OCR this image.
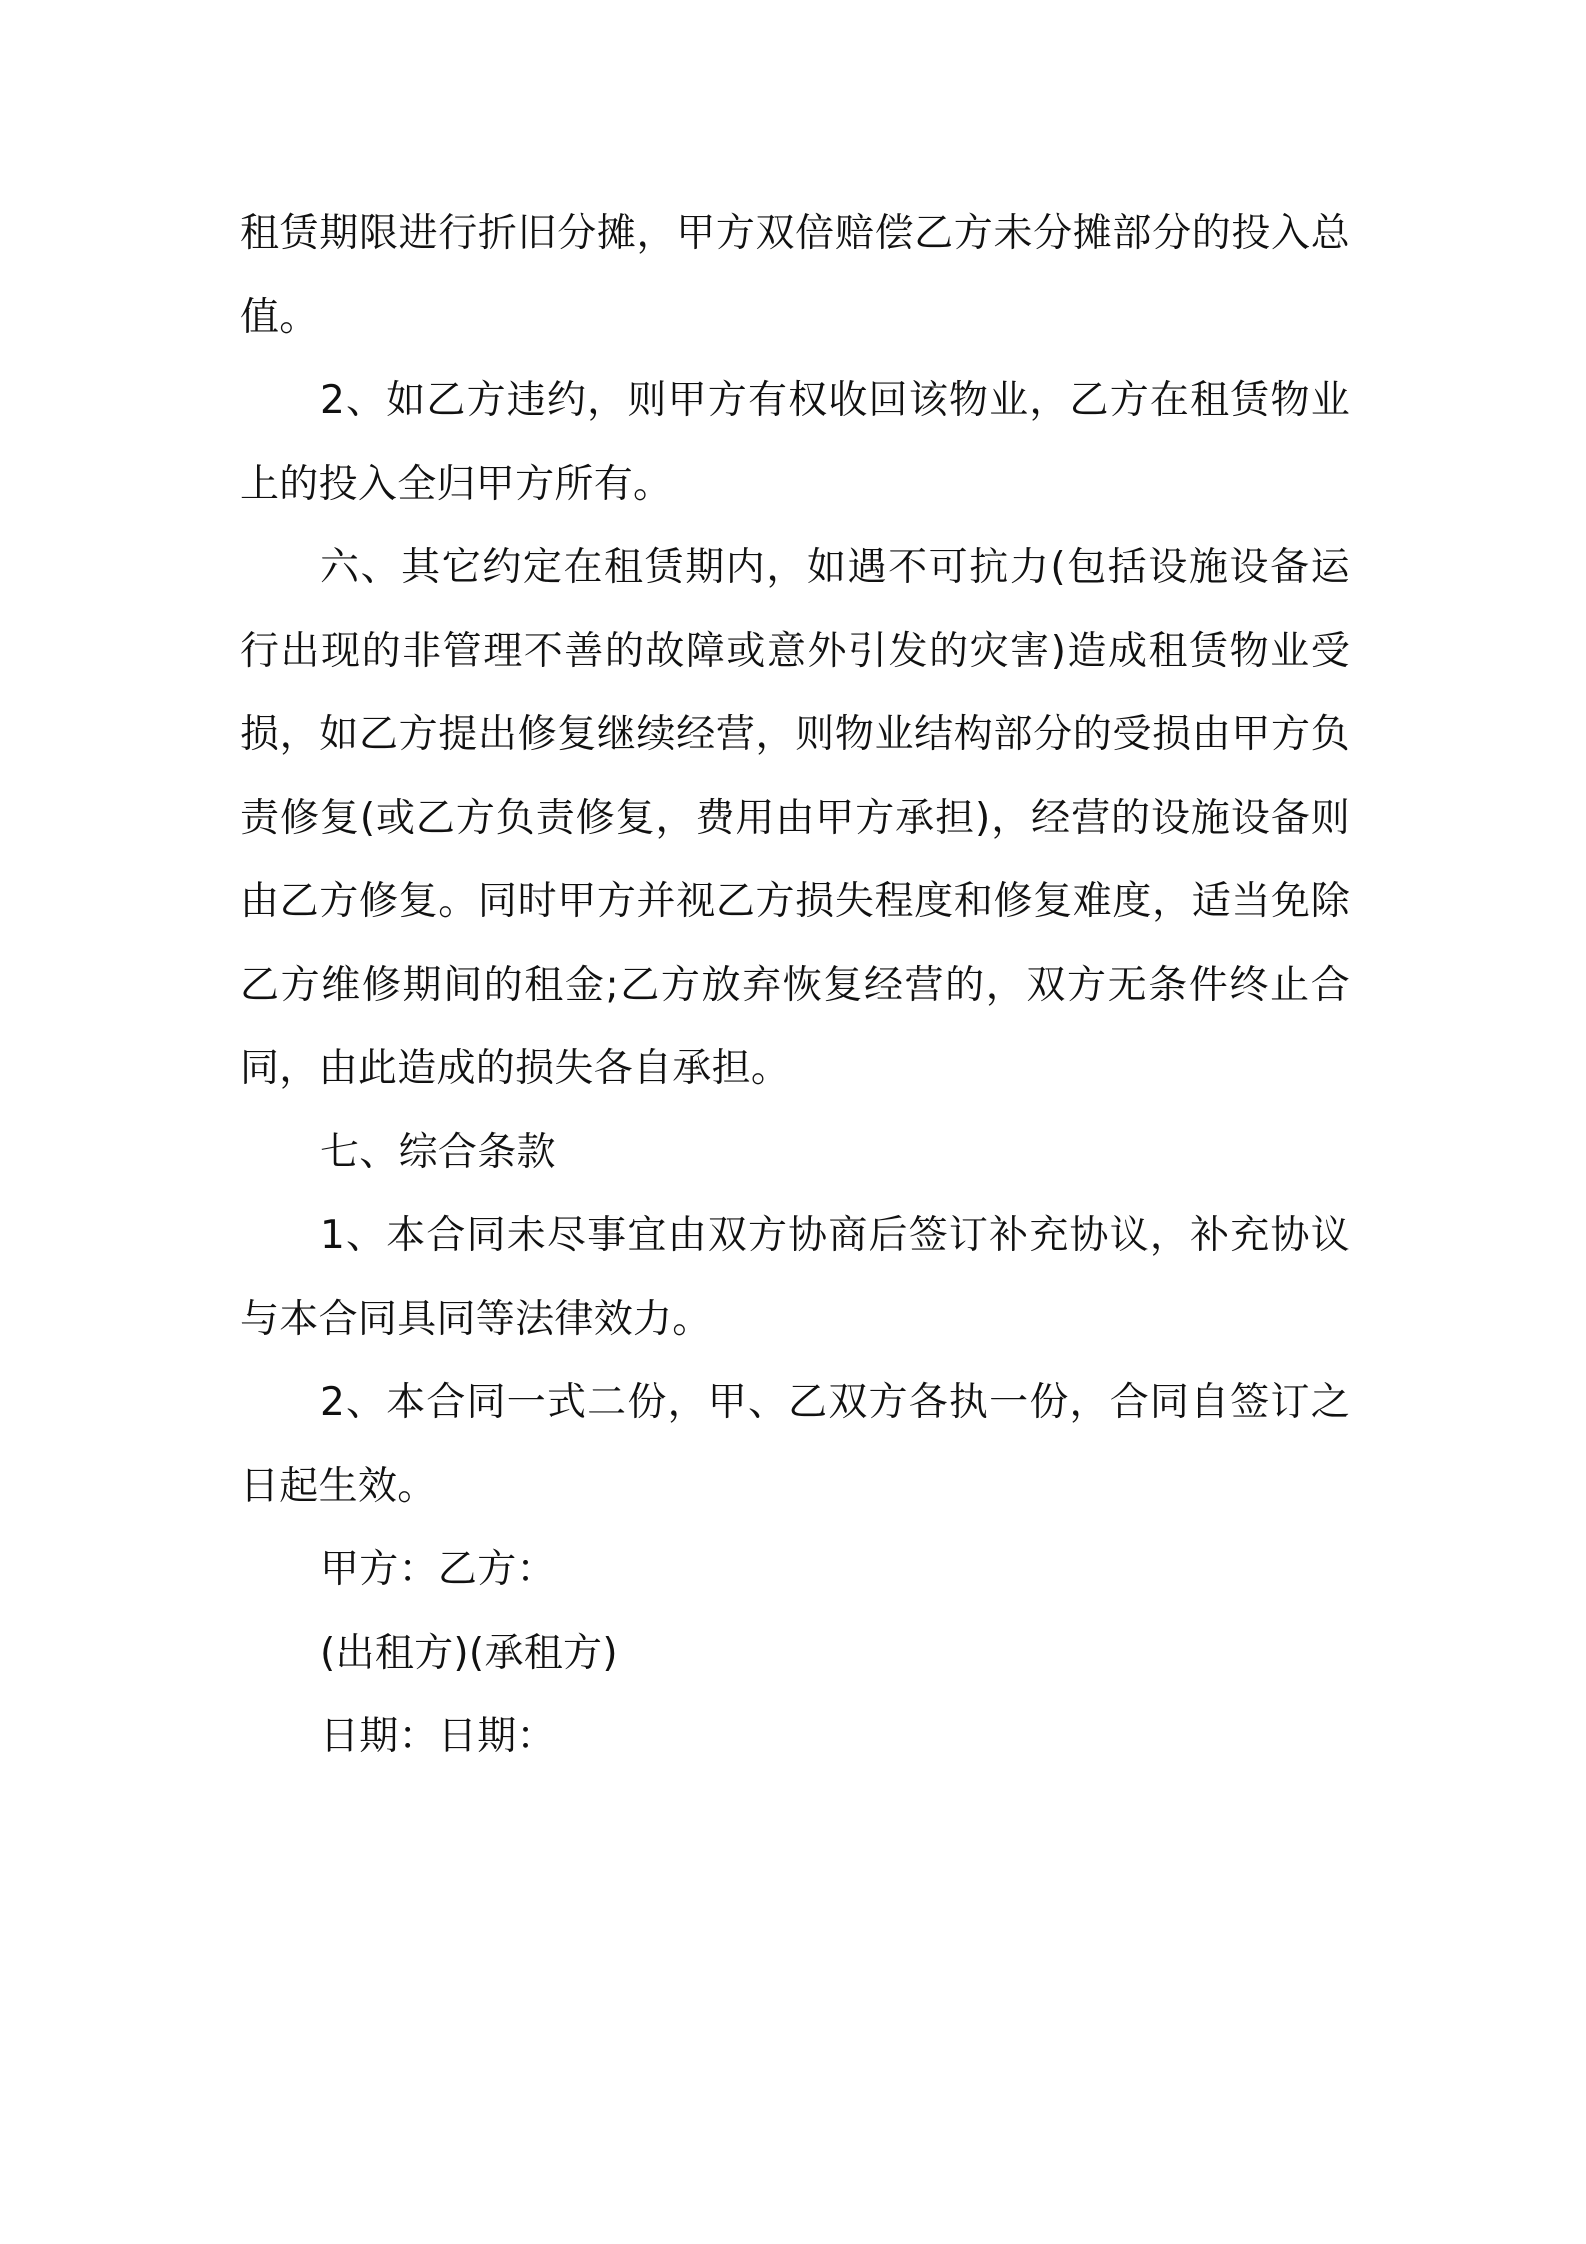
租赁期限进行折旧分摊，甲方双倍赔偿乙方未分摊部分的投入总值。

2、如乙方违约，则甲方有权收回该物业，乙方在租赁物业上的投入全归甲方所有。

六、其它约定在租赁期内，如遇不可抗力(包括设施设备运行出现的非管理不善的故障或意外引发的灾害)造成租赁物业受损，如乙方提出修复继续经营，则物业结构部分的受损由甲方负责修复(或乙方负责修复，费用由甲方承担)，经营的设施设备则由乙方修复。同时甲方并视乙方损失程度和修复难度，适当免除乙方维修期间的租金;乙方放弃恢复经营的，双方无条件终止合同，由此造成的损失各自承担。

七、综合条款

1、本合同未尽事宜由双方协商后签订补充协议，补充协议与本合同具同等法律效力。

2、本合同一式二份，甲、乙双方各执一份，合同自签订之日起生效。

甲方：乙方：

(出租方)(承租方)

日期：日期：
